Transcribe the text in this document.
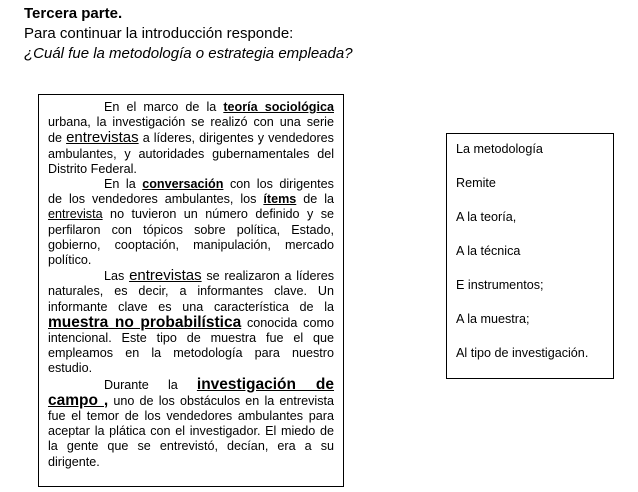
Tercera parte.
Para continuar la introducción responde:
¿Cuál fue la metodología o estrategia empleada?

En el marco de la teoría sociológica urbana, la investigación se realizó con una serie de entrevistas a líderes, dirigentes y vendedores ambulantes, y autoridades gubernamentales del Distrito Federal.

En la conversación con los dirigentes de los vendedores ambulantes, los ítems de la entrevista no tuvieron un número definido y se perfilaron con tópicos sobre política, Estado, gobierno, cooptación, manipulación, mercado político.

Las entrevistas se realizaron a líderes naturales, es decir, a informantes clave. Un informante clave es una característica de la muestra no probabilística conocida como intencional. Este tipo de muestra fue el que empleamos en la metodología para nuestro estudio.

Durante la investigación de campo , uno de los obstáculos en la entrevista fue el temor de los vendedores ambulantes para aceptar la plática con el investigador. El miedo de la gente que se entrevistó, decían, era a su dirigente.

La metodología
Remite
A la teoría,
A la técnica
E instrumentos;
A la muestra;
Al tipo de investigación.
